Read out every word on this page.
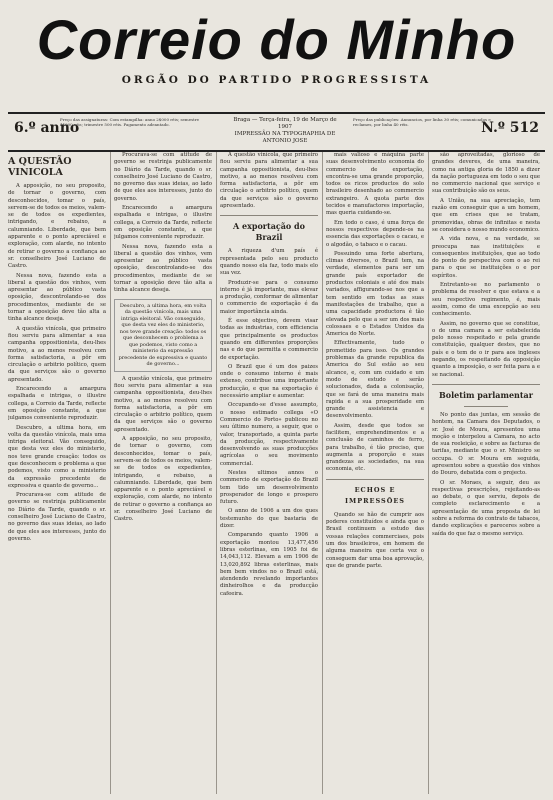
Correio do Minho
ORGÃO DO PARTIDO PROGRESSISTA
6.º anno
Preço das assignaturas: Com estampilha: anno 2$000 réis; semestre 1$000 réis; trimestre 500 réis. Pagamento adeantado.
Braga — Terça-feira, 19 de Março de 1907
IMPRESSÃO NA TYPOGRAPHIA DE ANTONIO JOSE
Preço das publicações: Annuncios, por linha 30 réis; comunicados e reclames, por linha 40 réis.	N.º 512
A QUESTÃO VINICOLA

A apposição, no seu proposito, de tornar o governo, com desconhecidos, tomar o país, servem-se de todos os meios, valem-se de todos os expedientes, intrigando, e rebaixo, a calumniando. Liberdade, que bem apparente e o ponto apreciável e exploração, com alarde, no intento de retirar o governo a confiança ao sr. conselheiro José Luciano de Castro.

Nessa nova, fazendo esta a liberal a questão dos vinhos, vem apresentar ao público vasta oposição, descontrolando-se dos procedimentos, mediante de se tornar a oposição deve tão alta a tinha alcance deseja.

A questão vinícola, que primeiro fiou serviu para alimentar a sua campanha oppositionista, deu-lhes motivo, a ao menos resolveu com forma satisfactoria, a pôr em circulação o arbitrio político, quem da que serviços são o governo apresentado.

Encarecendo a amargura espalhada e intrigas, o illustre collega, a Correio da Tarde, reflecte em oposição constante, a que julgamos conveniente reproduzir.

Descubro, a ultima hora, em volta da questão vinícola, mais uma intriga eleitoral. Vão conseguido, que desta vez eles do ministerio, nos teve grande creação: todos os que desconhecem o problema a que podemos, visto como a ministerio da expressão precedente de expressiva e quanto de governo...

Procurava-se com atitude de governo se restrinja publicamente no Diário da Tarde, quando o sr. conselheiro José Luciano de Castro, no governo das suas ideias, ao lado de que eles aos interesses, junto do governo.

Procurava-se com atitude de governo se restrinja publicamente no Diário da Tarde, quando o sr. conselheiro José Luciano de Castro, no governo das suas ideias, ao lado de que eles aos interesses, junto do governo.

Encarecendo a amargura espalhada e intrigas, o illustre collega, a Correio da Tarde, reflecte em oposição constante, a que julgamos conveniente reproduzir.

Nessa nova, fazendo esta a liberal a questão dos vinhos, vem apresentar ao público vasta oposição, descontrolando-se dos procedimentos, mediante de se tornar a oposição deve tão alta a tinha alcance deseja.

Descubro, a ultima hora, em volta da questão vinícola, mais uma intriga eleitoral. Vão conseguido, que desta vez eles do ministerio, nos teve grande creação: todos os que desconhecem o problema a que podemos, visto como a ministerio da expressão precedente de expressiva e quanto de governo...

A questão vinícola, que primeiro fiou serviu para alimentar a sua campanha oppositionista, deu-lhes motivo, a ao menos resolveu com forma satisfactoria, a pôr em circulação o arbitrio político, quem da que serviços são o governo apresentado.

A apposição, no seu proposito, de tornar o governo, com desconhecidos, tomar o país, servem-se de todos os meios, valem-se de todos os expedientes, intrigando, e rebaixo, a calumniando. Liberdade, que bem apparente e o ponto apreciável e exploração, com alarde, no intento de retirar o governo a confiança ao sr. conselheiro José Luciano de Castro.

A questão vinícola, que primeiro fiou serviu para alimentar a sua campanha oppositionista, deu-lhes motivo, a ao menos resolveu com forma satisfactoria, a pôr em circulação o arbitrio político, quem da que serviços são o governo apresentado.

A exportação do Brazil

A riqueza d'um país é representada pelo seu producto quando nosso ela faz, todo mais elo sua vez.

Produzir-se para o consumo interno é já importante, mas elevar a produção, conformar de alimentar o commercio de exportação é da maior importância ainda.

É esse objectivo, devem visar todas as industrias, com efficiencia que principalmente os productos quando em differentes proporções nas e do que permitta e commercio de exportação.

O Brazil que é um dos paizes onde o consumo interno é mais extenso, contribue uma importante producção, e que na exportação é necessário ampliar e aumentar.

Occupando-se d'esse assumpto, o nosso estimado collega «O Commercio do Porto» publicou no seu último numero, a seguir, que o valor, transportado, a quinta parte da producção, respectivamente desenvolvendo as suas producções agrícolas o seu movimento commercial.

Nestes ultimos annos o commercio de exportação do Brazil tem tido um desenvolvimento prosperador de longo e prospero futuro.

O anno de 1906 a um dos ques testemunho do que bastaria de dizer.

Comparando quanto 1906 a exportação montou 13,477,456 libras esterlinas, em 1905 foi de 14,043,112. Elevam a em 1906 de 13,020,892 libras esterlinas, mais bem bem vindos no o Brazil está, atendendo revelando importantes dinheirolhos e da producção cafeeira.

mais valioso e máquina parte suas desenvolvimento economia do commercio de exportação, encontra-se uma grande proporção, todos os ricos productos do solo brasileiro desenhado ao commercio extrangeiro. A quota parte dos tecidos e manufactores importação, mas queria cuidando-se.

Em todo o caso, é uma força de nossos respectivos depende-os na essencia das exportações o cacau, e o algodão, o tabaco e o cacau.

Possuindo uma forte abertura, climas diversos, o Brazil tem, na verdade, elementos para ser um grande país exportador de productos coloniais e até dos mais variados, affigurando-se nos que a tem sentido em todas as suas manifestações de trabalho, que a uma capacidade productora é tão elevada pelo que a ser um dos mais colossaes e o Estados Unidos da America do Norte.

Effectivamente, tudo o promettido para isso. Os grandes problemas da grande republica da America do Sul estão ao seu alcance, e, com um cuidado e um modo de estudo e serão solucionados, dada a colonisação, que se fará de uma maneira mais rapida e a sua prosperidade em grande assistencia e desenvolvimento.

Assim, desde que todos se facilitem, emprehendimentos e a conclusão de caminhos de ferro, para trabalho, é tão preciso, que augmenta a proporção e suas grandezas as sociedades, na sua economia, etc.

ECHOS E IMPRESSÕES

Quando se hão de cumprir aos poderes constituídos e ainda que o Brasil continuem a estudo das vossas relações commerciaes, pois um dos brasileiros, em homem de alguma maneira que certa vez o conseguem dar uma boa aprovação, que de grande parte.

são aproveitadas, glorioso de grandes deveres, de uma maneira, como na antiga gloria de 1850 a dizer da nação portugueza em todo o seu que no commercio nacional que serviço e sua contribuição são os seus.

A União, na sua apreciação, tem razão em conseguir que a um homem, que em crises que se tratam, promovidas, obras de infinitas e nesta se considera o nosso mundo economico.

A vida nova, e na verdade, se preocupa nas instituições e consequentes instituições, que ao todo do ponto de perspectiva com o ao rei para o que se instituições o e por espíritos.

Entretanto-se no parlamento o problema de resolver e que estava e a seu respectivo regimento, é, mais assim, como de uma excepção ao seu conhecimento.

Assim, no governo que se constitue, o de uma camara a ser estabelecida pelo nosso respeitado e pela grande constituição, qualquer destes, que no país e o tem de o ir para aos ingleses negando, os respeitando da opposição quanto a imposição, o ser feita para a e se nacional.

Boletim parlamentar

No ponto das juntas, em sessão de hontem, na Camara dos Deputados, o sr. José de Moura, apresentou uma moção e interpelou a Camara, no acto de sua reeleição, e sobre as facturas de tarifas, mediante que o sr. Ministro se occupa. O sr. Moura em seguida, apresentou sobre a questão dos vinhos do Douro, debatida com o projecto.

O sr. Moraes, a seguir, deu as respectivas prescrições, rejeitando-as ao debate, o que serviu, depois de completo esclarecimento e a apresentação de uma proposta de lei sobre a reforma do contrato de tabacos, dando explicações e pareceres sobre a saída do que faz o mesmo serviço.
